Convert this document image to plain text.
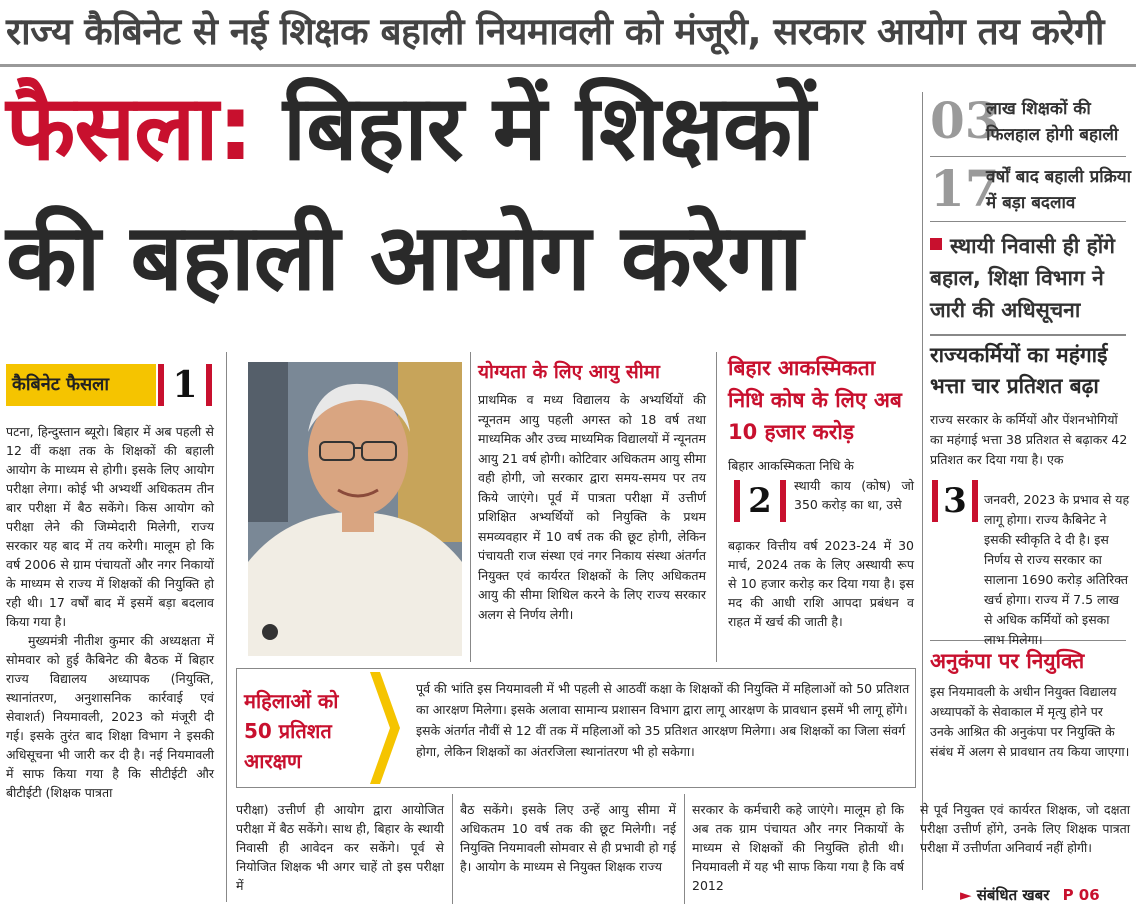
राज्य कैबिनेट से नई शिक्षक बहाली नियमावली को मंजूरी, सरकार आयोग तय करेगी
फैसला: बिहार में शिक्षकों
की बहाली आयोग करेगा
03
लाख शिक्षकों की फिलहाल होगी बहाली
17
वर्षों बाद बहाली प्रक्रिया में बड़ा बदलाव
स्थायी निवासी ही होंगे बहाल, शिक्षा विभाग ने जारी की अधिसूचना
राज्यकर्मियों का महंगाई भत्ता चार प्रतिशत बढ़ा
राज्य सरकार के कर्मियों और पेंशनभोगियों का महंगाई भत्ता 38 प्रतिशत से बढ़ाकर 42 प्रतिशत कर दिया गया है। एक
3	जनवरी, 2023 के प्रभाव से यह लागू होगा। राज्य कैबिनेट ने इसकी स्वीकृति दे दी है। इस निर्णय से राज्य सरकार का सालाना 1690 करोड़ अतिरिक्त खर्च होगा। राज्य में 7.5 लाख से अधिक कर्मियों को इसका लाभ मिलेगा।
अनुकंपा पर नियुक्ति
इस नियमावली के अधीन नियुक्त विद्यालय अध्यापकों के सेवाकाल में मृत्यु होने पर उनके आश्रित की अनुकंपा पर नियुक्ति के संबंध में अलग से प्रावधान तय किया जाएगा।
कैबिनेट फैसला	1

पटना, हिन्दुस्तान ब्यूरो। बिहार में अब पहली से 12 वीं कक्षा तक के शिक्षकों की बहाली आयोग के माध्यम से होगी। इसके लिए आयोग परीक्षा लेगा। कोई भी अभ्यर्थी अधिकतम तीन बार परीक्षा में बैठ सकेंगे। किस आयोग को परीक्षा लेने की जिम्मेदारी मिलेगी, राज्य सरकार यह बाद में तय करेगी। मालूम हो कि वर्ष 2006 से ग्राम पंचायतों और नगर निकायों के माध्यम से राज्य में शिक्षकों की नियुक्ति हो रही थी। 17 वर्षों बाद में इसमें बड़ा बदलाव किया गया है।

मुख्यमंत्री नीतीश कुमार की अध्यक्षता में सोमवार को हुई कैबिनेट की बैठक में बिहार राज्य विद्यालय अध्यापक (नियुक्ति, स्थानांतरण, अनुशासनिक कार्रवाई एवं सेवाशर्त) नियमावली, 2023 को मंजूरी दी गई। इसके तुरंत बाद शिक्षा विभाग ने इसकी अधिसूचना भी जारी कर दी है। नई नियमावली में साफ किया गया है कि सीटीईटी और बीटीईटी (शिक्षक पात्रता

योग्यता के लिए आयु सीमा
प्राथमिक व मध्य विद्यालय के अभ्यर्थियों की न्यूनतम आयु पहली अगस्त को 18 वर्ष तथा माध्यमिक और उच्च माध्यमिक विद्यालयों में न्यूनतम आयु 21 वर्ष होगी। कोटिवार अधिकतम आयु सीमा वही होगी, जो सरकार द्वारा समय-समय पर तय किये जाएंगे। पूर्व में पात्रता परीक्षा में उत्तीर्ण प्रशिक्षित अभ्यर्थियों को नियुक्ति के प्रथम समव्यवहार में 10 वर्ष तक की छूट होगी, लेकिन पंचायती राज संस्था एवं नगर निकाय संस्था अंतर्गत नियुक्त एवं कार्यरत शिक्षकों के लिए अधिकतम आयु की सीमा शिथिल करने के लिए राज्य सरकार अलग से निर्णय लेगी।
बिहार आकस्मिकता निधि कोष के लिए अब 10 हजार करोड़
बिहार आकस्मिकता निधि के
2	स्थायी काय (कोष) जो 350 करोड़ का था, उसे
बढ़ाकर वित्तीय वर्ष 2023-24 में 30 मार्च, 2024 तक के लिए अस्थायी रूप से 10 हजार करोड़ कर दिया गया है। इस मद की आधी राशि आपदा प्रबंधन व राहत में खर्च की जाती है।
महिलाओं को 50 प्रतिशत आरक्षण
पूर्व की भांति इस नियमावली में भी पहली से आठवीं कक्षा के शिक्षकों की नियुक्ति में महिलाओं को 50 प्रतिशत का आरक्षण मिलेगा। इसके अलावा सामान्य प्रशासन विभाग द्वारा लागू आरक्षण के प्रावधान इसमें भी लागू होंगे। इसके अंतर्गत नौवीं से 12 वीं तक में महिलाओं को 35 प्रतिशत आरक्षण मिलेगा। अब शिक्षकों का जिला संवर्ग होगा, लेकिन शिक्षकों का अंतरजिला स्थानांतरण भी हो सकेगा।
परीक्षा) उत्तीर्ण ही आयोग द्वारा आयोजित परीक्षा में बैठ सकेंगे। साथ ही, बिहार के स्थायी निवासी ही आवेदन कर सकेंगे। पूर्व से नियोजित शिक्षक भी अगर चाहें तो इस परीक्षा में
बैठ सकेंगे। इसके लिए उन्हें आयु सीमा में अधिकतम 10 वर्ष तक की छूट मिलेगी। नई नियुक्ति नियमावली सोमवार से ही प्रभावी हो गई है। आयोग के माध्यम से नियुक्त शिक्षक राज्य
सरकार के कर्मचारी कहे जाएंगे। मालूम हो कि अब तक ग्राम पंचायत और नगर निकायों के माध्यम से शिक्षकों की नियुक्ति होती थी। नियमावली में यह भी साफ किया गया है कि वर्ष 2012
से पूर्व नियुक्त एवं कार्यरत शिक्षक, जो दक्षता परीक्षा उत्तीर्ण होंगे, उनके लिए शिक्षक पात्रता परीक्षा में उत्तीर्णता अनिवार्य नहीं होगी।
► संबंधित खबर P 06
